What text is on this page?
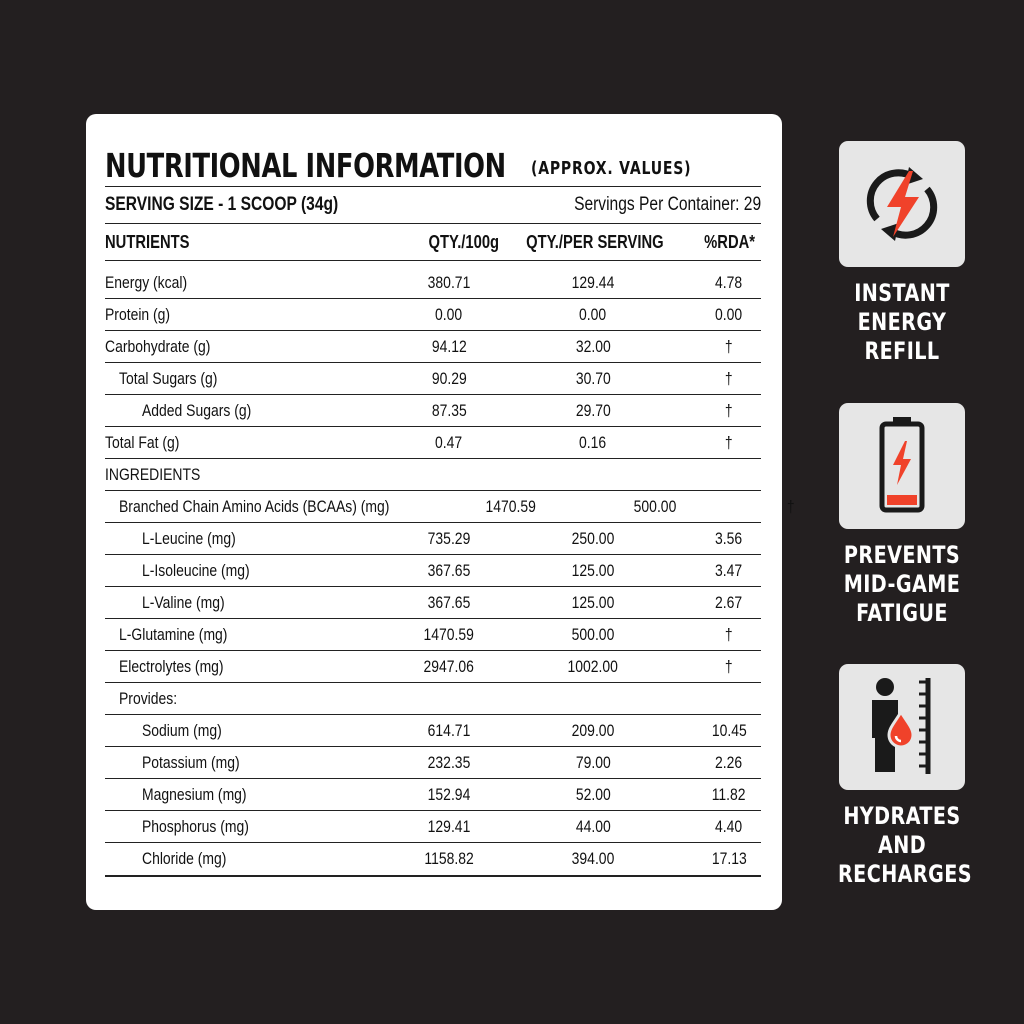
NUTRITIONAL INFORMATION (APPROX. VALUES)
SERVING SIZE - 1 SCOOP (34g)	Servings Per Container: 29
NUTRIENTS	QTY./100g	QTY./PER SERVING	%RDA*
Energy (kcal)	380.71	129.44	4.78
Protein (g)	0.00	0.00	0.00
Carbohydrate (g)	94.12	32.00	†
Total Sugars (g)	90.29	30.70	†
Added Sugars (g)	87.35	29.70	†
Total Fat (g)	0.47	0.16	†
INGREDIENTS
Branched Chain Amino Acids (BCAAs) (mg)	1470.59	500.00	†
L-Leucine (mg)	735.29	250.00	3.56
L-Isoleucine (mg)	367.65	125.00	3.47
L-Valine (mg)	367.65	125.00	2.67
L-Glutamine (mg)	1470.59	500.00	†
Electrolytes (mg)	2947.06	1002.00	†
Provides:
Sodium (mg)	614.71	209.00	10.45
Potassium (mg)	232.35	79.00	2.26
Magnesium (mg)	152.94	52.00	11.82
Phosphorus (mg)	129.41	44.00	4.40
Chloride (mg)	1158.82	394.00	17.13
INSTANT
ENERGY
REFILL
PREVENTS
MID-GAME
FATIGUE
HYDRATES
AND
RECHARGES
